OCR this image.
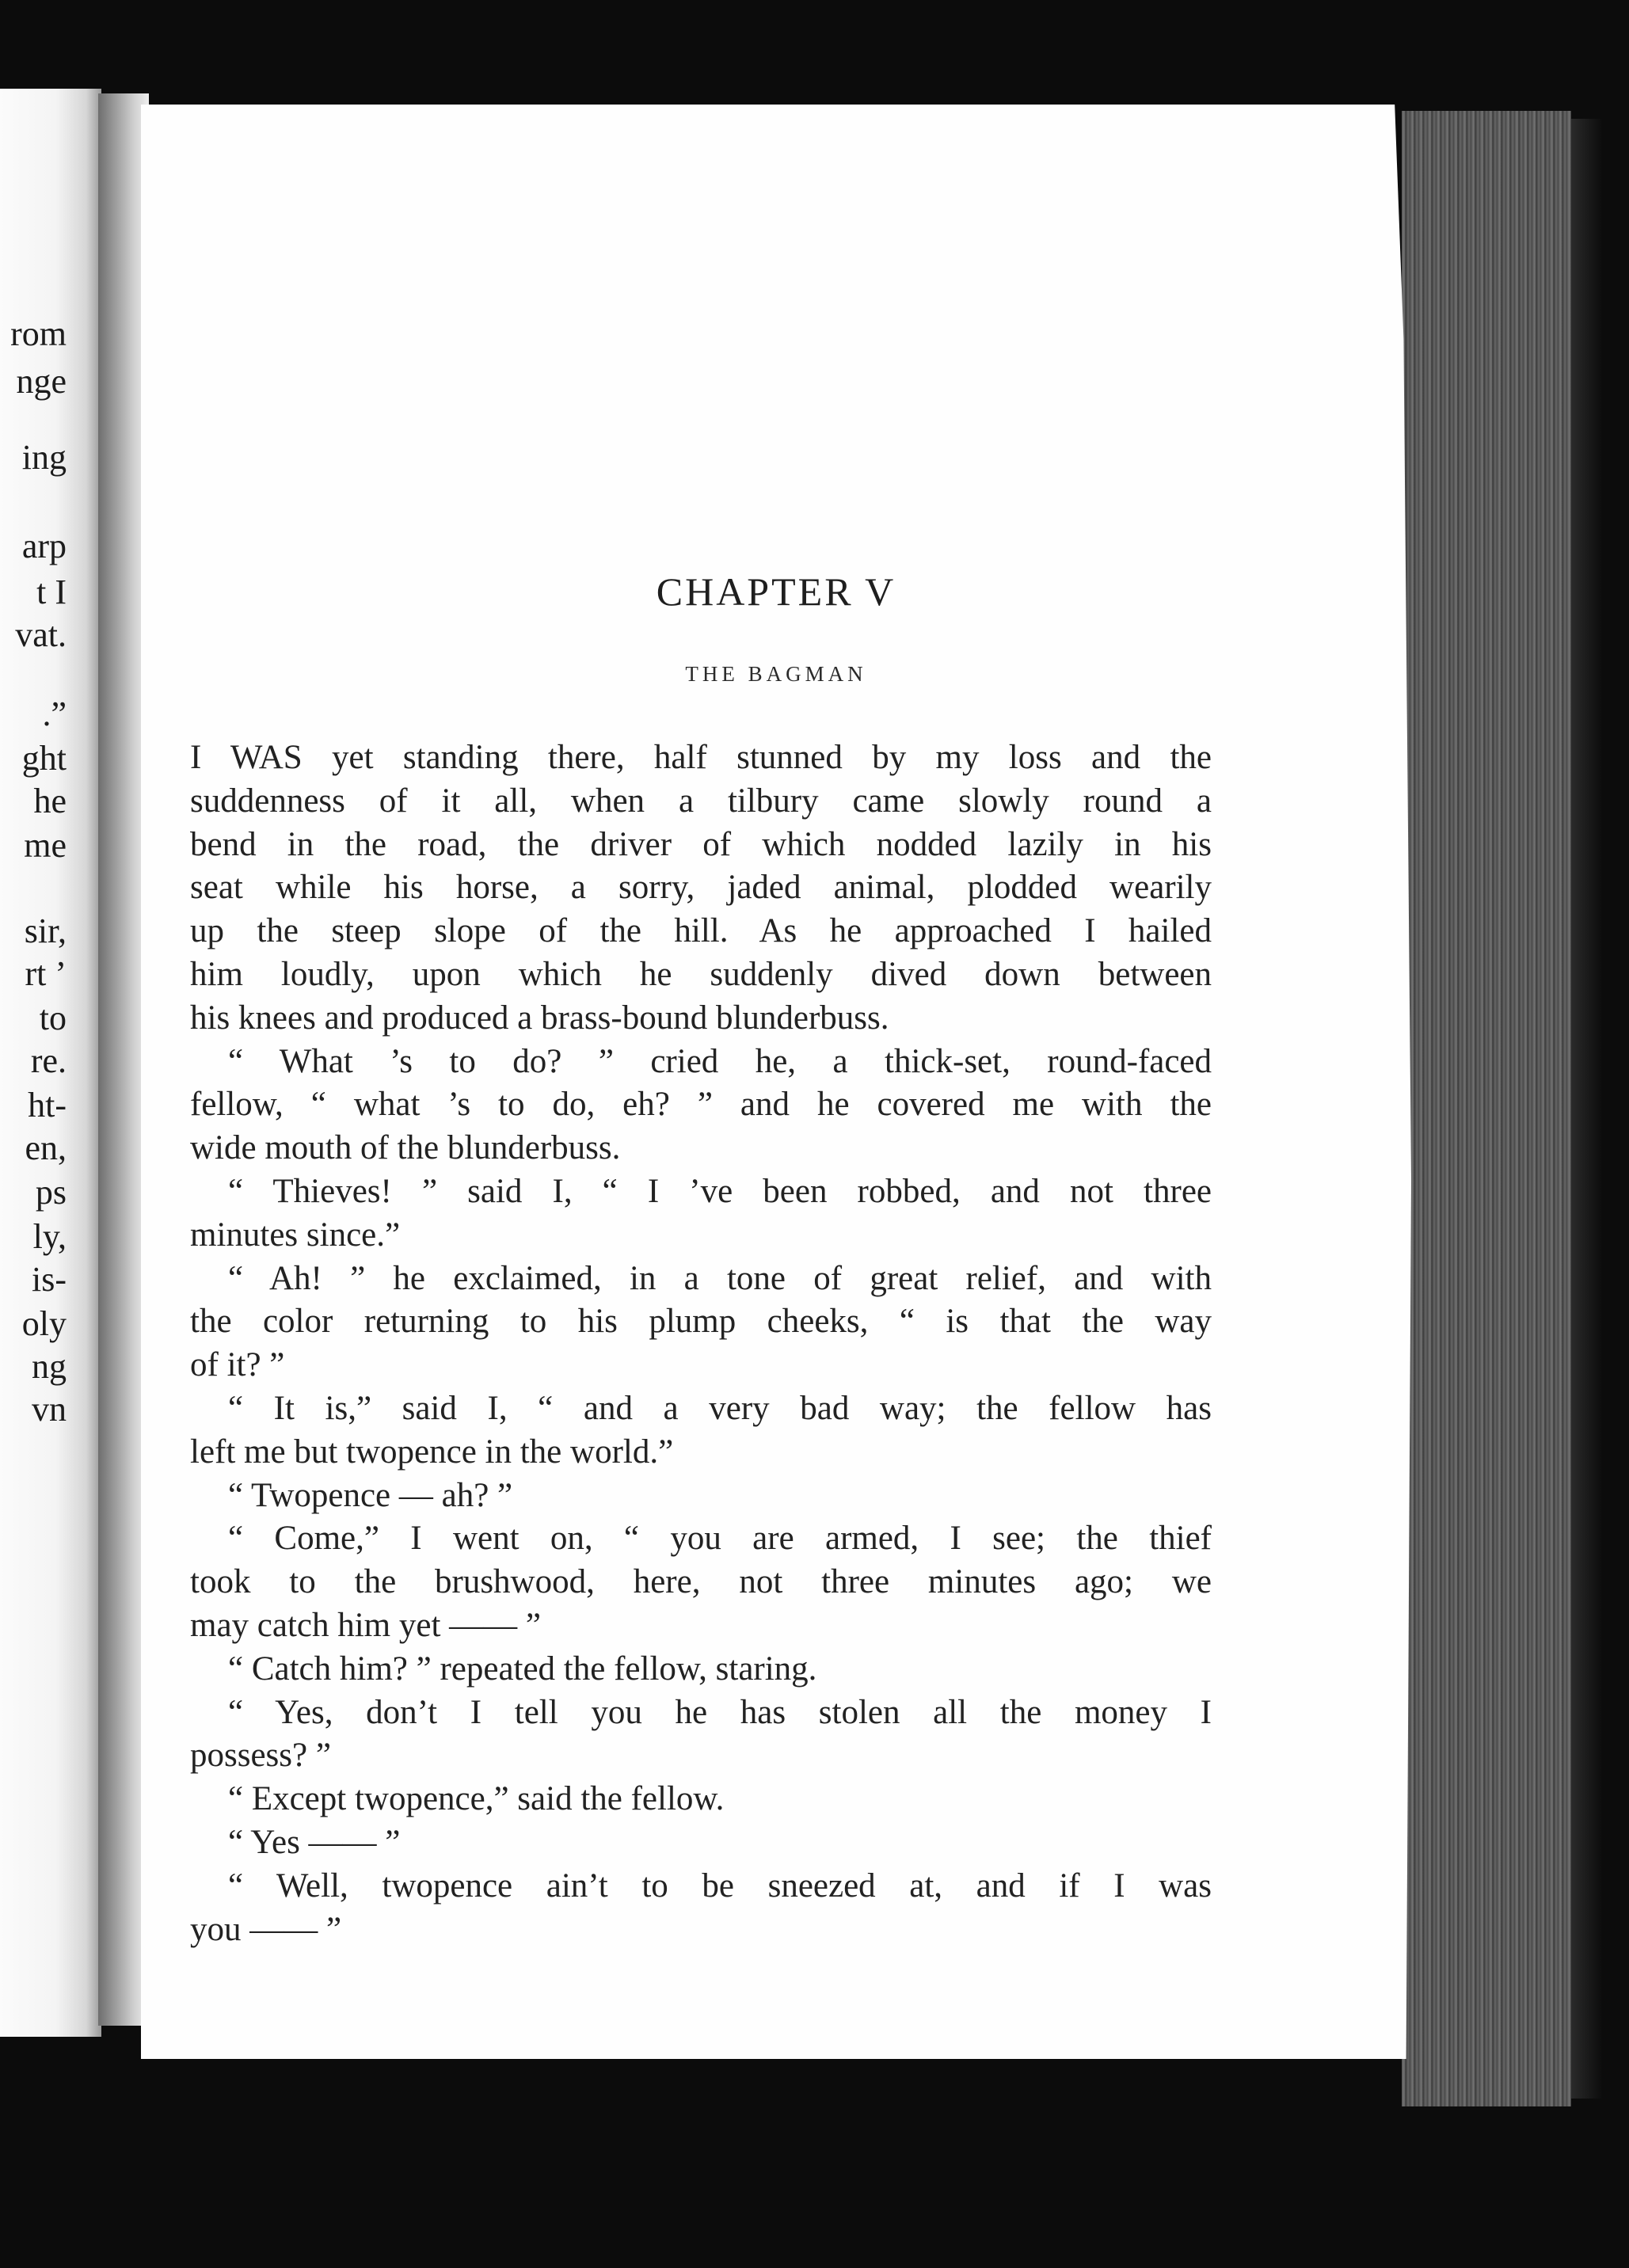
rom
nge
ing
arp
t I
vat.
.”
ght
he
me
sir,
rt ’
to
re.
ht-
en,
ps
ly,
is-
oly
ng
vn
CHAPTER V
THE BAGMAN
I WAS yet standing there, half stunned by my loss and the
suddenness of it all, when a tilbury came slowly round a
bend in the road, the driver of which nodded lazily in his
seat while his horse, a sorry, jaded animal, plodded wearily
up the steep slope of the hill. As he approached I hailed
him loudly, upon which he suddenly dived down between
his knees and produced a brass-bound blunderbuss.
“ What ’s to do? ” cried he, a thick-set, round-faced
fellow, “ what ’s to do, eh? ” and he covered me with the
wide mouth of the blunderbuss.
“ Thieves! ” said I, “ I ’ve been robbed, and not three
minutes since.”
“ Ah! ” he exclaimed, in a tone of great relief, and with
the color returning to his plump cheeks, “ is that the way
of it? ”
“ It is,” said I, “ and a very bad way; the fellow has
left me but twopence in the world.”
“ Twopence — ah? ”
“ Come,” I went on, “ you are armed, I see; the thief
took to the brushwood, here, not three minutes ago; we
may catch him yet —— ”
“ Catch him? ” repeated the fellow, staring.
“ Yes, don’t I tell you he has stolen all the money I
possess? ”
“ Except twopence,” said the fellow.
“ Yes —— ”
“ Well, twopence ain’t to be sneezed at, and if I was
you —— ”
